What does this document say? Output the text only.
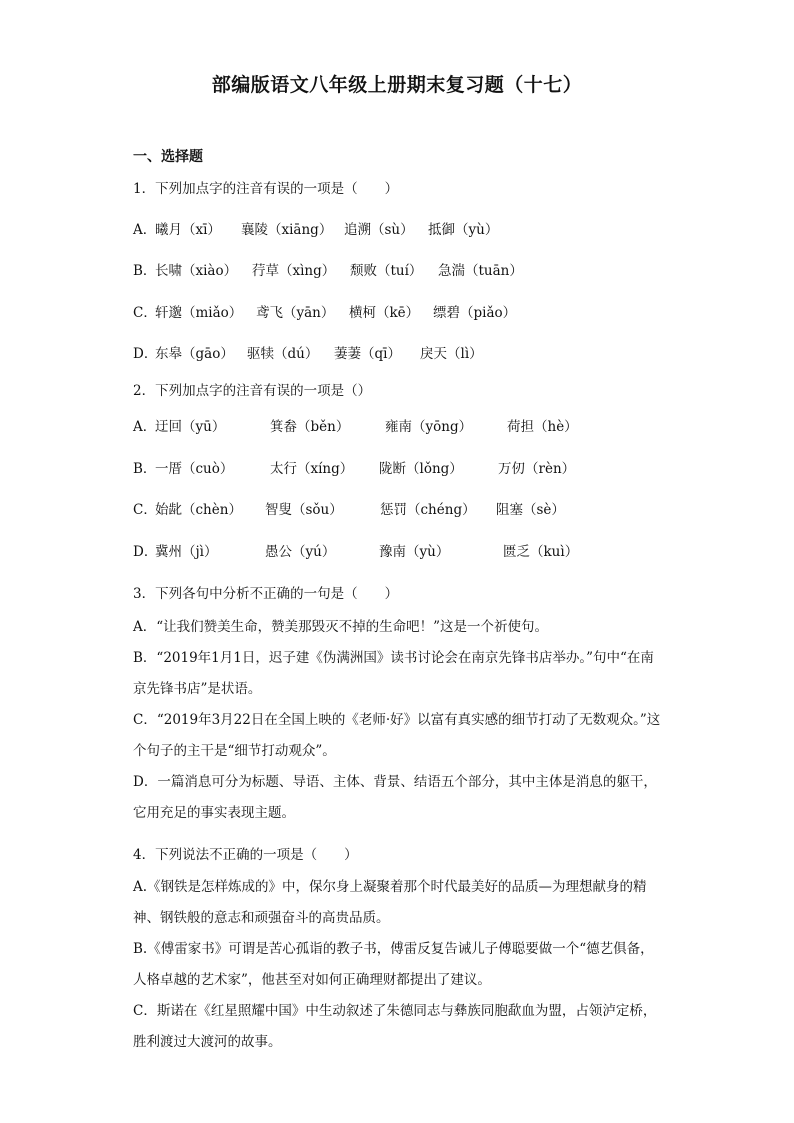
部编版语文八年级上册期末复习题（十七）
一、选择题
1．下列加点字的注音有误的一项是（　　）
A．
曦月（xī） 襄陵（xiāng） 追溯（sù） 抵御（yù）
B．
长啸（xiào） 荇草（xìng） 颓败（tuí） 急湍（tuān）
C．
轩邈（miǎo） 鸢飞（yān） 横柯（kē） 缥碧（piǎo）
D．
东皋（gāo） 驱犊（dú） 萋萋（qī） 戾天（lì）
2．下列加点字的注音有误的一项是（）
A．
迂回（yū）	箕畚（běn）	雍南（yōng）	荷担（hè）
B．
一厝（cuò）	太行（xíng） 陇断（lǒng）	万仞（rèn）
C．
始龀（chèn） 智叟（sǒu）	惩罚（chéng） 阻塞（sè）
D．
冀州（jì）	愚公（yú）	豫南（yù）	匮乏（kuì）
3．下列各句中分析不正确的一句是（　　）
A．“让我们赞美生命，赞美那毁灭不掉的生命吧！”这是一个祈使句。
B．“2019年1月1日，迟子建《伪满洲国》读书讨论会在南京先锋书店举办。”句中“在南京先锋书店”是状语。
C．“2019年3月22日在全国上映的《老师·好》以富有真实感的细节打动了无数观众。”这个句子的主干是“细节打动观众”。
D．一篇消息可分为标题、导语、主体、背景、结语五个部分，其中主体是消息的躯干，它用充足的事实表现主题。
4．下列说法不正确的一项是（　　）
A.《钢铁是怎样炼成的》中，保尔身上凝聚着那个时代最美好的品质—为理想献身的精神、钢铁般的意志和顽强奋斗的高贵品质。
B.《傅雷家书》可谓是苦心孤诣的教子书，傅雷反复告诫儿子傅聪要做一个“德艺俱备，人格卓越的艺术家”，他甚至对如何正确理财都提出了建议。
C．斯诺在《红星照耀中国》中生动叙述了朱德同志与彝族同胞歃血为盟，占领泸定桥，胜利渡过大渡河的故事。
